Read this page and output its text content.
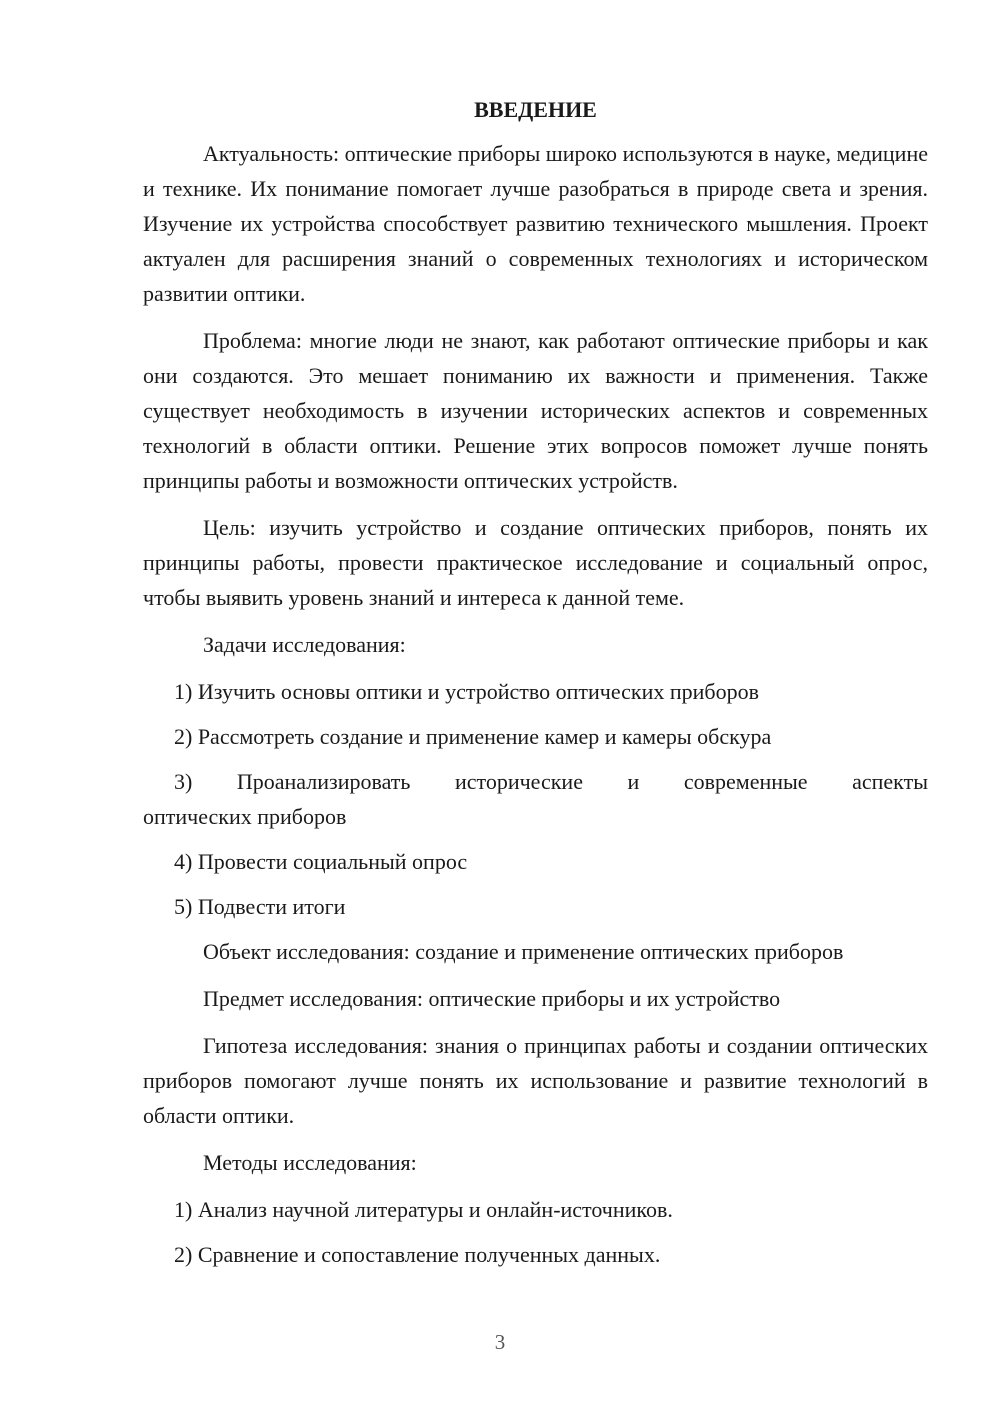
ВВЕДЕНИЕ

Актуальность: оптические приборы широко используются в науке, медицине и технике. Их понимание помогает лучше разобраться в природе света и зрения. Изучение их устройства способствует развитию технического мышления. Проект актуален для расширения знаний о современных технологиях и историческом развитии оптики.

Проблема: многие люди не знают, как работают оптические приборы и как они создаются. Это мешает пониманию их важности и применения. Также существует необходимость в изучении исторических аспектов и современных технологий в области оптики. Решение этих вопросов поможет лучше понять принципы работы и возможности оптических устройств.

Цель: изучить устройство и создание оптических приборов, понять их принципы работы, провести практическое исследование и социальный опрос, чтобы выявить уровень знаний и интереса к данной теме.

Задачи исследования:

1) Изучить основы оптики и устройство оптических приборов

2) Рассмотреть создание и применение камер и камеры обскура

3) Проанализировать исторические и современные аспекты
оптических приборов

4) Провести социальный опрос

5) Подвести итоги

Объект исследования: создание и применение оптических приборов

Предмет исследования: оптические приборы и их устройство

Гипотеза исследования: знания о принципах работы и создании оптических приборов помогают лучше понять их использование и развитие технологий в области оптики.

Методы исследования:

1) Анализ научной литературы и онлайн-источников.

2) Сравнение и сопоставление полученных данных.

3
